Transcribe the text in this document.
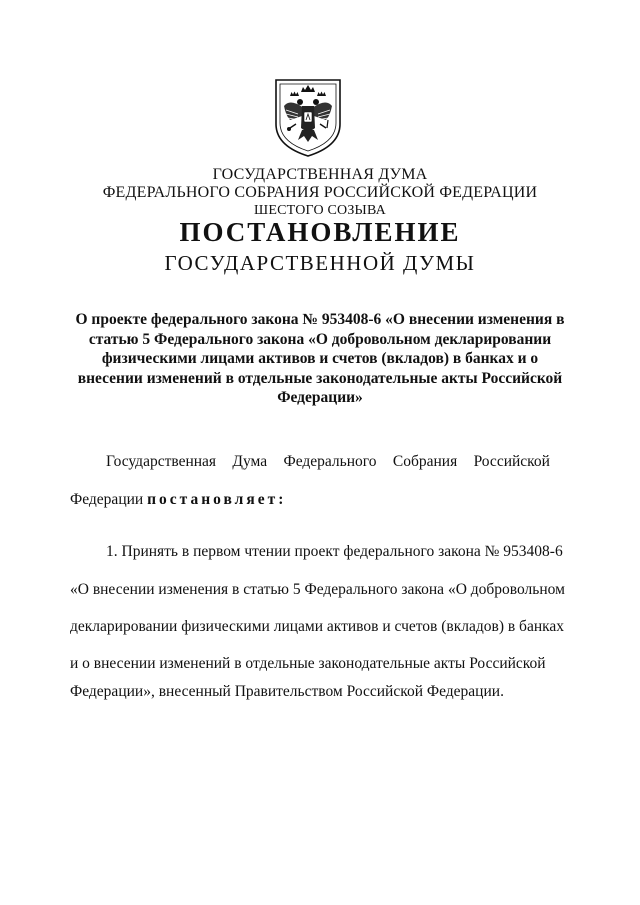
ГОСУДАРСТВЕННАЯ ДУМА
ФЕДЕРАЛЬНОГО СОБРАНИЯ РОССИЙСКОЙ ФЕДЕРАЦИИ
ШЕСТОГО СОЗЫВА
ПОСТАНОВЛЕНИЕ
ГОСУДАРСТВЕННОЙ ДУМЫ
О проекте федерального закона № 953408-6 «О внесении изменения в
статью 5 Федерального закона «О добровольном декларировании
физическими лицами активов и счетов (вкладов) в банках и о
внесении изменений в отдельные законодательные акты Российской
Федерации»
Государственная Дума Федерального Собрания Российской
Федерации постановляет:
1. Принять в первом чтении проект федерального закона № 953408-6
«О внесении изменения в статью 5 Федерального закона «О добровольном
декларировании физическими лицами активов и счетов (вкладов) в банках
и о внесении изменений в отдельные законодательные акты Российской
Федерации», внесенный Правительством Российской Федерации.
